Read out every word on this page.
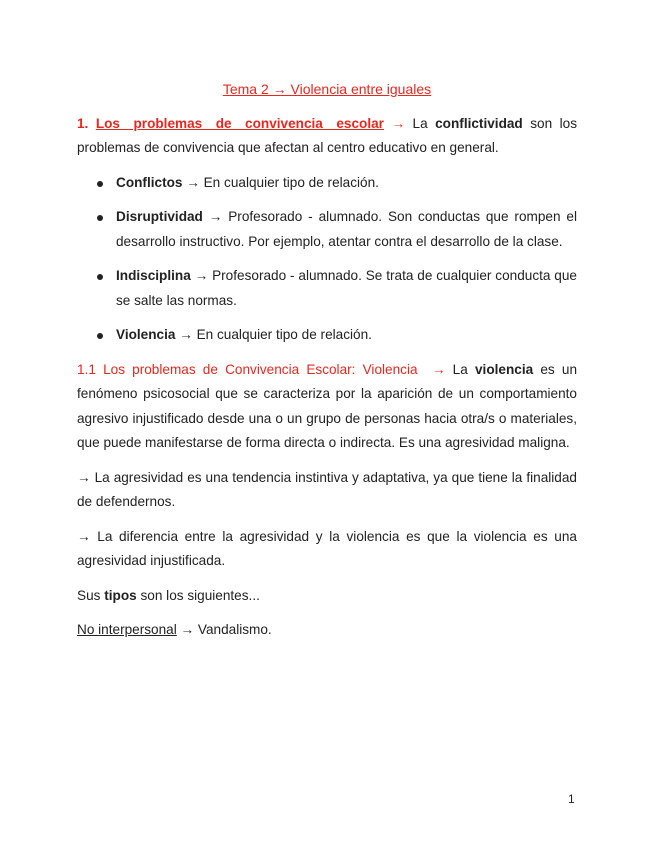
Tema 2 → Violencia entre iguales

1. Los problemas de convivencia escolar → La conflictividad son los problemas de convivencia que afectan al centro educativo en general.

Conflictos → En cualquier tipo de relación.
Disruptividad → Profesorado - alumnado. Son conductas que rompen el desarrollo instructivo. Por ejemplo, atentar contra el desarrollo de la clase.
Indisciplina → Profesorado - alumnado. Se trata de cualquier conducta que se salte las normas.
Violencia → En cualquier tipo de relación.

1.1 Los problemas de Convivencia Escolar: Violencia → La violencia es un fenómeno psicosocial que se caracteriza por la aparición de un comportamiento agresivo injustificado desde una o un grupo de personas hacia otra/s o materiales, que puede manifestarse de forma directa o indirecta. Es una agresividad maligna.

→ La agresividad es una tendencia instintiva y adaptativa, ya que tiene la finalidad de defendernos.

→ La diferencia entre la agresividad y la violencia es que la violencia es una agresividad injustificada.

Sus tipos son los siguientes...

No interpersonal → Vandalismo.

1
